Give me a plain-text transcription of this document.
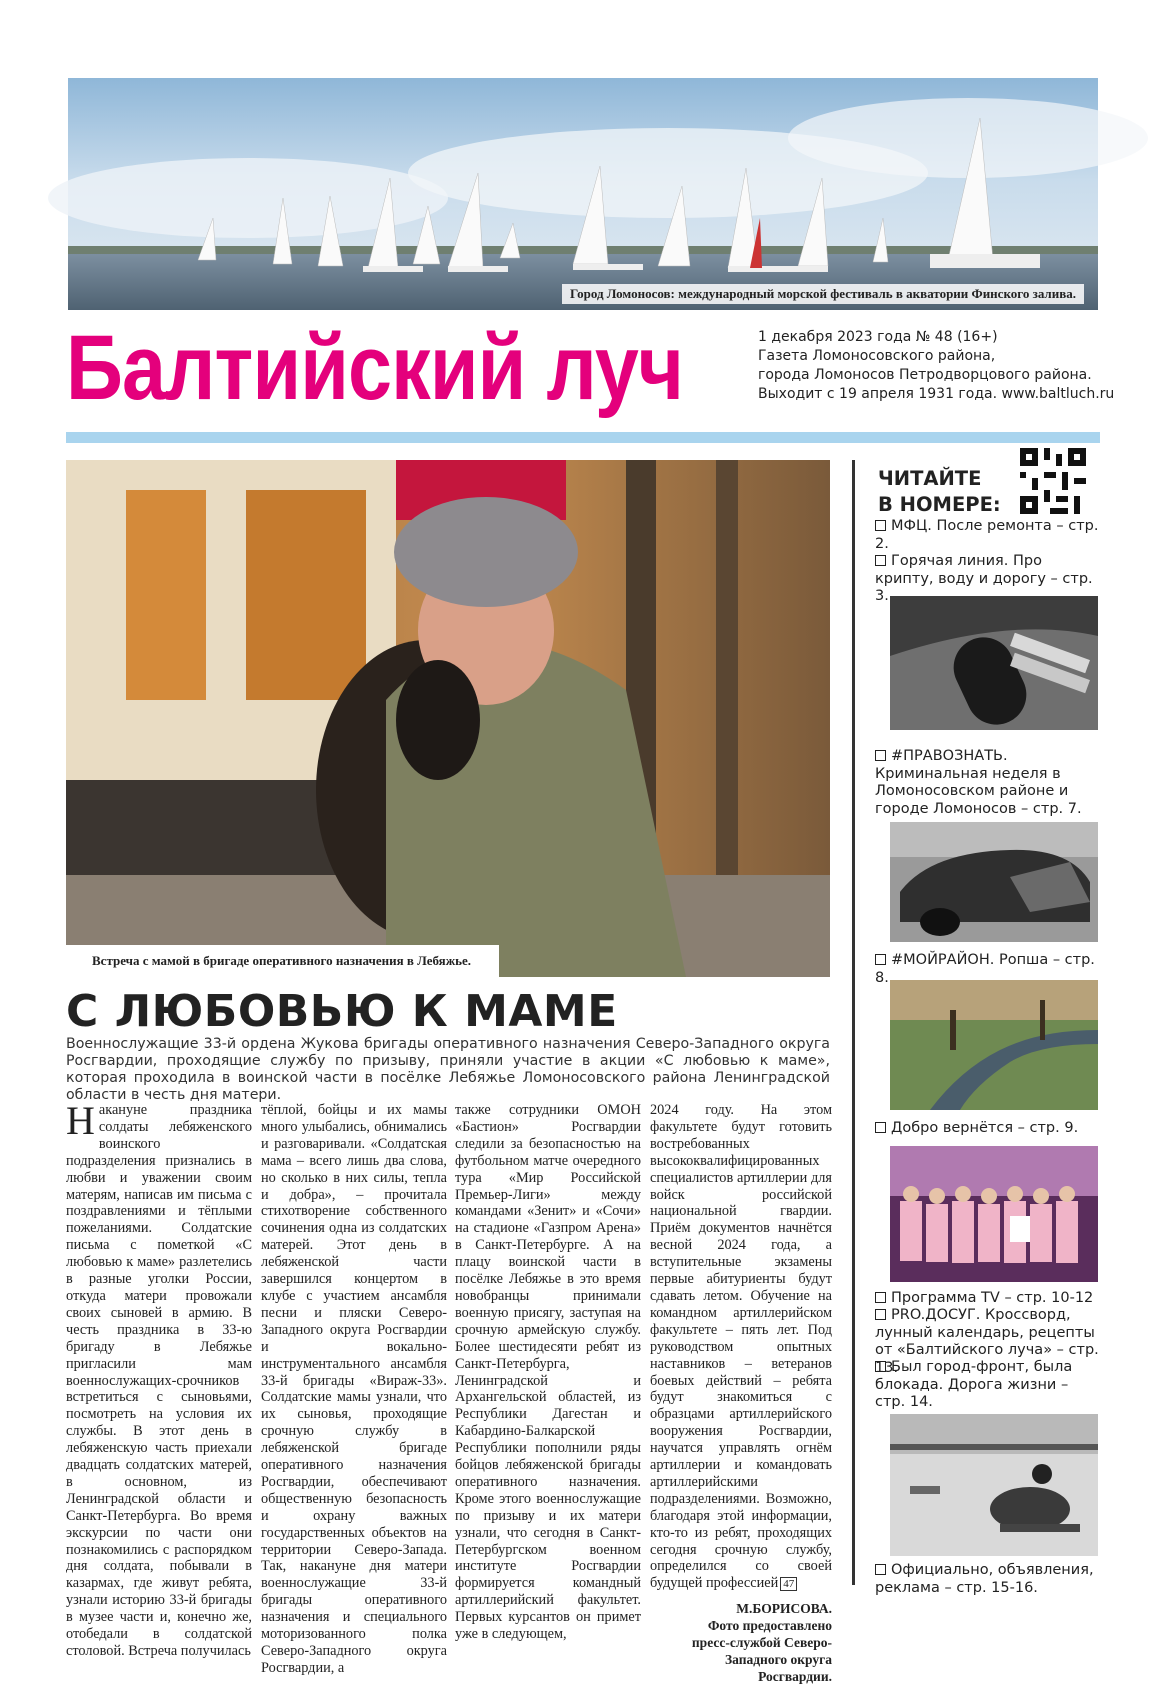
Город Ломоносов: международный морской фестиваль в акватории Финского залива.
Балтийский луч	1 декабря 2023 года № 48 (16+)
Газета Ломоносовского района,
города Ломоносов Петродворцового района.
Выходит с 19 апреля 1931 года. www.baltluch.ru
Встреча с мамой в бригаде оперативного назначения в Лебяжье.
С ЛЮБОВЬЮ К МАМЕ
Военнослужащие 33-й ордена Жукова бригады оперативного назначения Северо-Западного округа Росгвардии, проходящие службу по призыву, приняли участие в акции «С любовью к маме», которая проходила в воинской части в посёлке Лебяжье Ломоносовского района Ленинградской области в честь дня матери.
Накануне праздника солдаты лебяженского воинского подразделения признались в любви и уважении своим матерям, написав им письма с поздравлениями и тёплыми пожеланиями. Солдатские письма с пометкой «С любовью к маме» разлетелись в разные уголки России, откуда матери провожали своих сыновей в армию. В честь праздника в 33-ю бригаду в Лебяжье пригласили мам военнослужащих-срочников встретиться с сыновьями, посмотреть на условия их службы. В этот день в лебяженскую часть приехали двадцать солдатских матерей, в основном, из Ленинградской области и Санкт-Петербурга. Во время экскурсии по части они познакомились с распорядком дня солдата, побывали в казармах, где живут ребята, узнали историю 33-й бригады в музее части и, конечно же, отобедали в солдатской столовой. Встреча получилась
тёплой, бойцы и их мамы много улыбались, обнимались и разговаривали. «Солдатская мама – всего лишь два слова, но сколько в них силы, тепла и добра», – прочитала стихотворение собственного сочинения одна из солдатских матерей. Этот день в лебяженской части завершился концертом в клубе с участием ансамбля песни и пляски Северо-Западного округа Росгвардии и вокально-инструментального ансамбля 33-й бригады «Вираж-33». Солдатские мамы узнали, что их сыновья, проходящие срочную службу в лебяженской бригаде оперативного назначения Росгвардии, обеспечивают общественную безопасность и охрану важных государственных объектов на территории Северо-Запада. Так, накануне дня матери военнослужащие 33-й бригады оперативного назначения и специального моторизованного полка Северо-Западного округа Росгвардии, а
также сотрудники ОМОН «Бастион» Росгвардии следили за безопасностью на футбольном матче очередного тура «Мир Российской Премьер-Лиги» между командами «Зенит» и «Сочи» на стадионе «Газпром Арена» в Санкт-Петербурге. А на плацу воинской части в посёлке Лебяжье в это время новобранцы принимали военную присягу, заступая на срочную армейскую службу. Более шестидесяти ребят из Санкт-Петербурга, Ленинградской и Архангельской областей, из Республики Дагестан и Кабардино-Балкарской Республики пополнили ряды бойцов лебяженской бригады оперативного назначения. Кроме этого военнослужащие по призыву и их матери узнали, что сегодня в Санкт-Петербургском военном институте Росгвардии формируется командный артиллерийский факультет. Первых курсантов он примет уже в следующем,
2024 году. На этом факультете будут готовить востребованных высококвалифицированных специалистов артиллерии для войск российской национальной гвардии. Приём документов начнётся весной 2024 года, а вступительные экзамены первые абитуриенты будут сдавать летом. Обучение на командном артиллерийском факультете – пять лет. Под руководством опытных наставников – ветеранов боевых действий – ребята будут знакомиться с образцами артиллерийского вооружения Росгвардии, научатся управлять огнём артиллерии и командовать артиллерийскими подразделениями. Возможно, благодаря этой информации, кто-то из ребят, проходящих сегодня срочную службу, определился со своей будущей профессией 47
М.БОРИСОВА.
Фото предоставлено
пресс-службой Северо-
Западного округа Росгвардии.
ЧИТАЙТЕ
В НОМЕРЕ:
МФЦ. После ремонта – стр. 2.
Горячая линия. Про крипту, воду и дорогу – стр. 3.
#ПРАВОЗНАТЬ. Криминальная неделя в Ломоносовском районе и городе Ломоносов – стр. 7.
#МОЙРАЙОН. Ропша – стр. 8.
Добро вернётся – стр. 9.
Программа TV – стр. 10-12
PRO.ДОСУГ. Кроссворд, лунный календарь, рецепты от «Балтийского луча» – стр. 13.
Был город-фронт, была блокада. Дорога жизни – стр. 14.
Официально, объявления, реклама – стр. 15-16.
